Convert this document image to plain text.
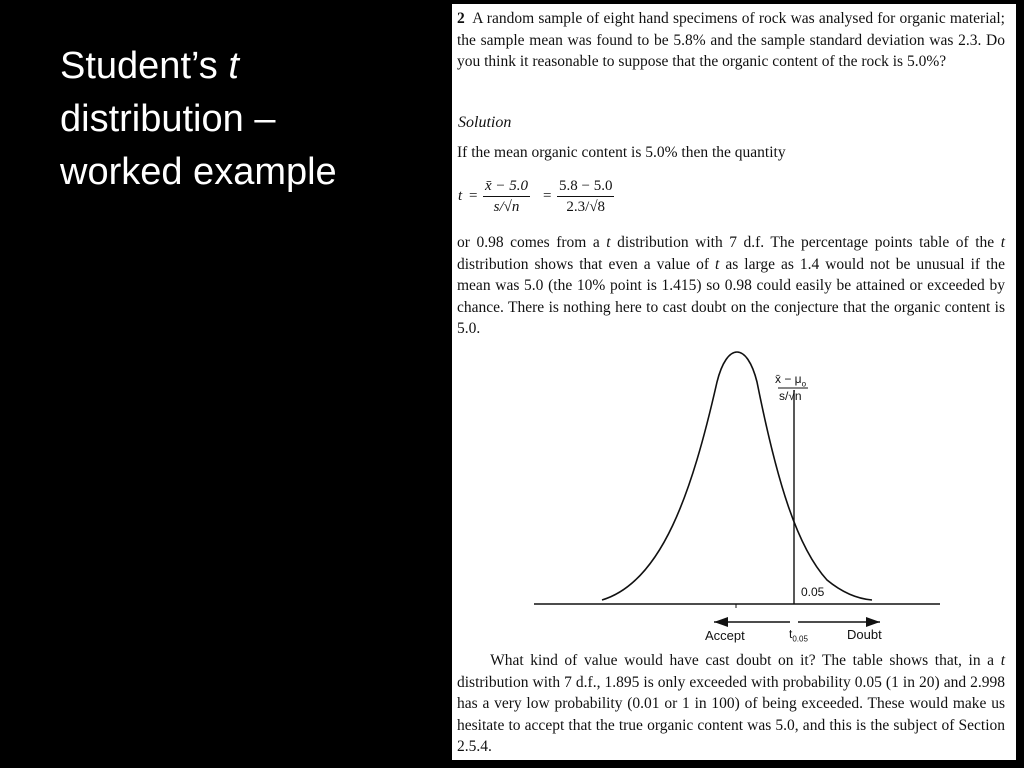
Student’s t
distribution –
worked example

2 A random sample of eight hand specimens of rock was analysed for organic material; the sample mean was found to be 5.8% and the sample standard deviation was 2.3. Do you think it reasonable to suppose that the organic content of the rock is 5.0%?

Solution

If the mean organic content is 5.0% then the quantity

$t = \frac{x̄ - 5.0}{s/√n} = \frac{5.8 - 5.0}{2.3/√8}$

or 0.98 comes from a t distribution with 7 d.f. The percentage points table of the t distribution shows that even a value of t as large as 1.4 would not be unusual if the mean was 5.0 (the 10% point is 1.415) so 0.98 could easily be attained or exceeded by chance. There is nothing here to cast doubt on the conjecture that the organic content is 5.0.

x̄ − $\mu_o$
s/√n
0.05
Accept	$t_{0.05}$	Doubt

What kind of value would have cast doubt on it? The table shows that, in a t distribution with 7 d.f., 1.895 is only exceeded with probability 0.05 (1 in 20) and 2.998 has a very low probability (0.01 or 1 in 100) of being exceeded. These would make us hesitate to accept that the true organic content was 5.0, and this is the subject of Section 2.5.4.
